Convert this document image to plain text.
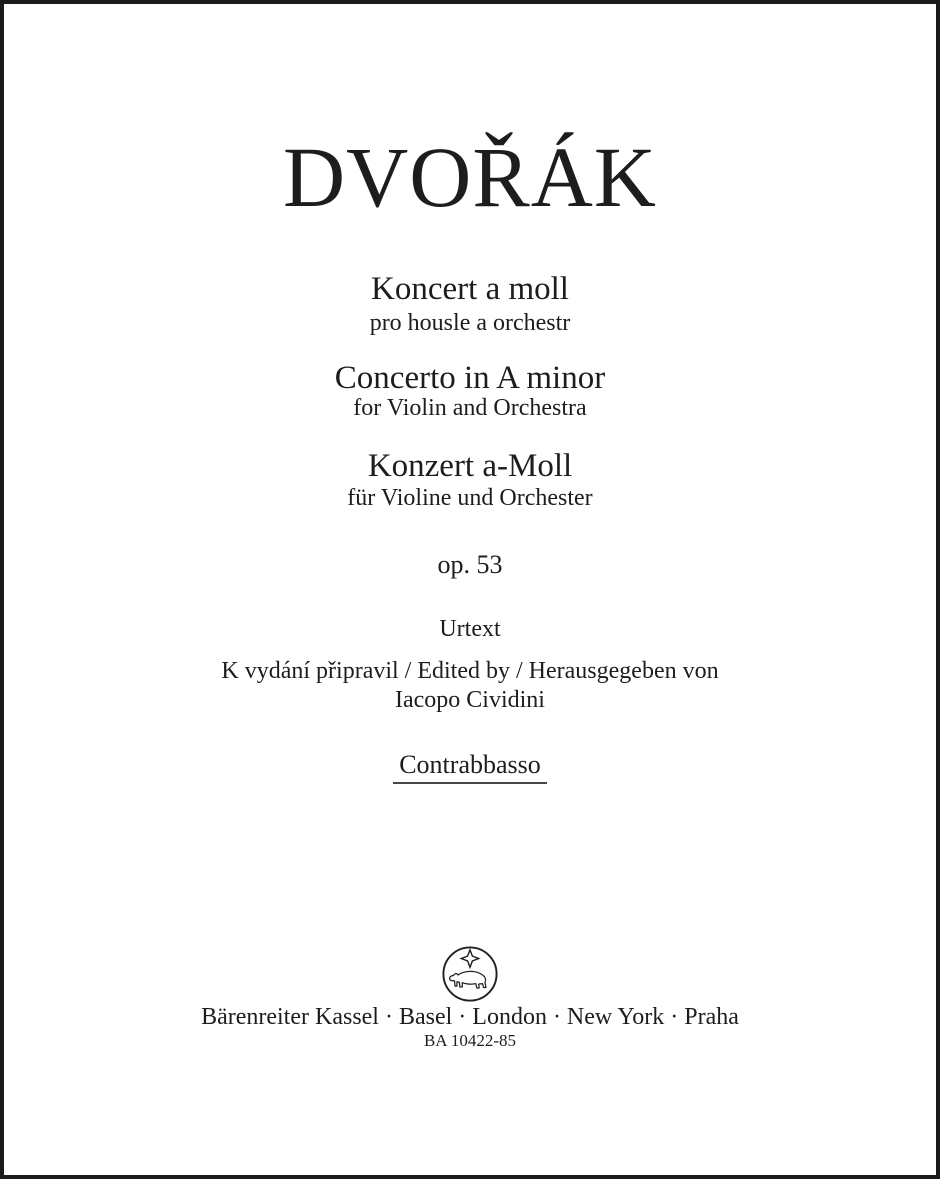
DVOŘÁK
Koncert a moll
pro housle a orchestr
Concerto in A minor
for Violin and Orchestra
Konzert a-Moll
für Violine und Orchester
op. 53
Urtext
K vydání připravil / Edited by / Herausgegeben von
Iacopo Cividini
Contrabbasso
Bärenreiter Kassel · Basel · London · New York · Praha
BA 10422-85
